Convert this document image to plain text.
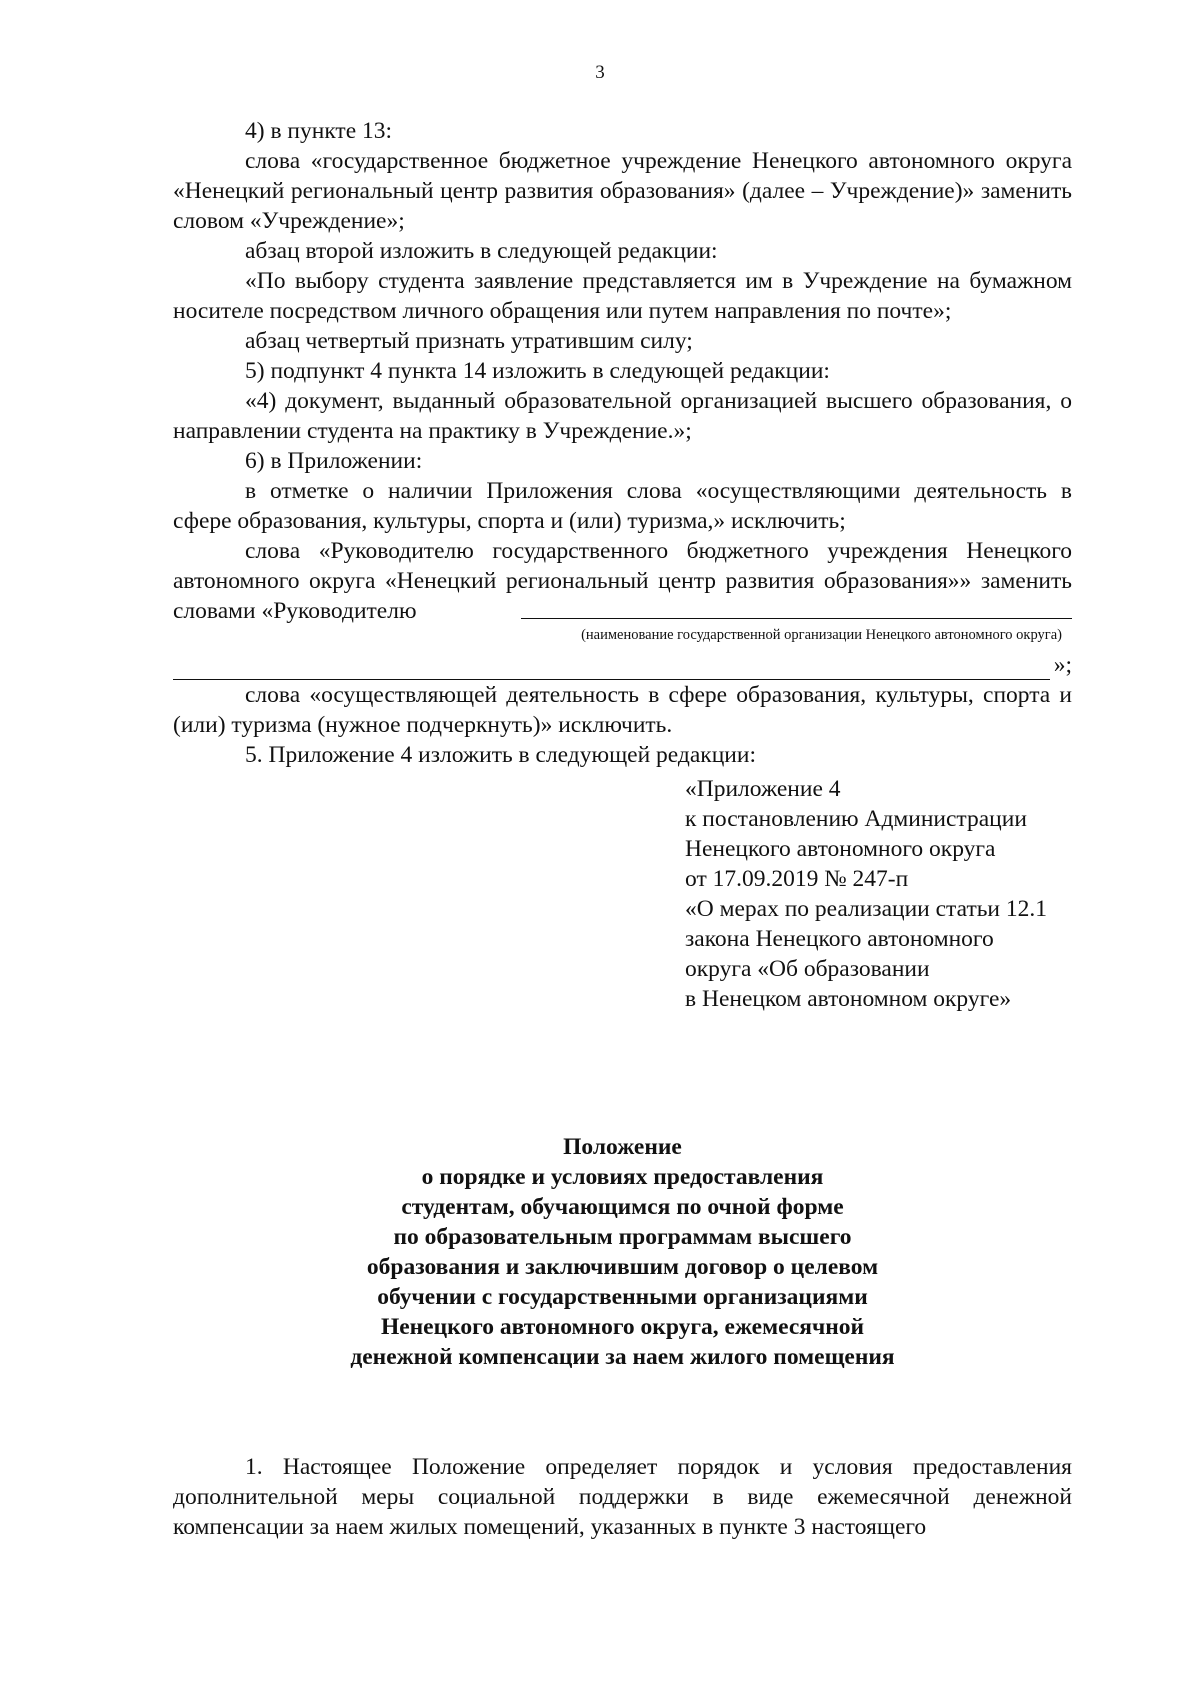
3

4) в пункте 13:

слова «государственное бюджетное учреждение Ненецкого автономного округа «Ненецкий региональный центр развития образования» (далее – Учреждение)» заменить словом «Учреждение»;

абзац второй изложить в следующей редакции:

«По выбору студента заявление представляется им в Учреждение на бумажном носителе посредством личного обращения или путем направления по почте»;

абзац четвертый признать утратившим силу;

5) подпункт 4 пункта 14 изложить в следующей редакции:

«4) документ, выданный образовательной организацией высшего образования, о направлении студента на практику в Учреждение.»;

6) в Приложении:

в отметке о наличии Приложения слова «осуществляющими деятельность в сфере образования, культуры, спорта и (или) туризма,» исключить;

слова «Руководителю государственного бюджетного учреждения Ненецкого автономного округа «Ненецкий региональный центр развития образования»» заменить словами «Руководителю

(наименование государственной организации Ненецкого автономного округа)

»;

слова «осуществляющей деятельность в сфере образования, культуры, спорта и (или) туризма (нужное подчеркнуть)» исключить.

5. Приложение 4 изложить в следующей редакции:

«Приложение 4
к постановлению Администрации
Ненецкого автономного округа
от 17.09.2019 № 247-п
«О мерах по реализации статьи 12.1
закона Ненецкого автономного
округа «Об образовании
в Ненецком автономном округе»
Положение
о порядке и условиях предоставления
студентам, обучающимся по очной форме
по образовательным программам высшего
образования и заключившим договор о целевом
обучении с государственными организациями
Ненецкого автономного округа, ежемесячной
денежной компенсации за наем жилого помещения

1. Настоящее Положение определяет порядок и условия предоставления дополнительной меры социальной поддержки в виде ежемесячной денежной компенсации за наем жилых помещений, указанных в пункте 3 настоящего
